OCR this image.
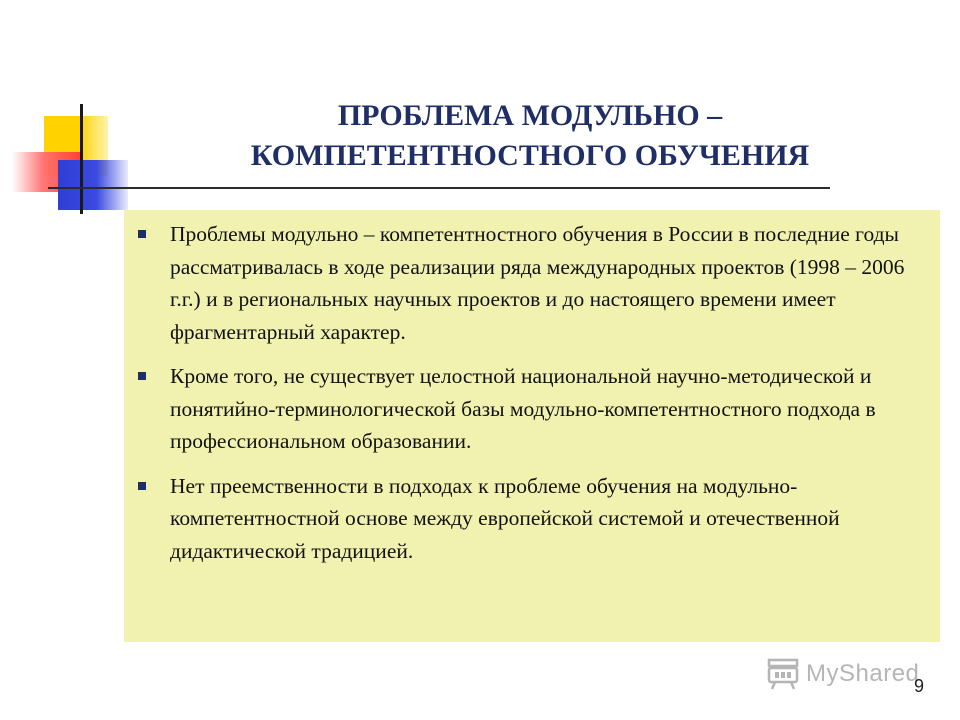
ПРОБЛЕМА МОДУЛЬНО –
КОМПЕТЕНТНОСТНОГО ОБУЧЕНИЯ
Проблемы модульно – компетентностного обучения в России в последние годы рассматривалась в ходе реализации ряда международных проектов (1998 – 2006 г.г.) и в региональных научных проектов и до настоящего времени имеет фрагментарный характер.
Кроме того, не существует целостной национальной научно-методической и понятийно-терминологической базы модульно-компетентностного подхода в профессиональном образовании.
Нет преемственности в подходах к проблеме обучения на модульно-компетентностной основе между европейской системой и отечественной дидактической традицией.
MyShared
9
